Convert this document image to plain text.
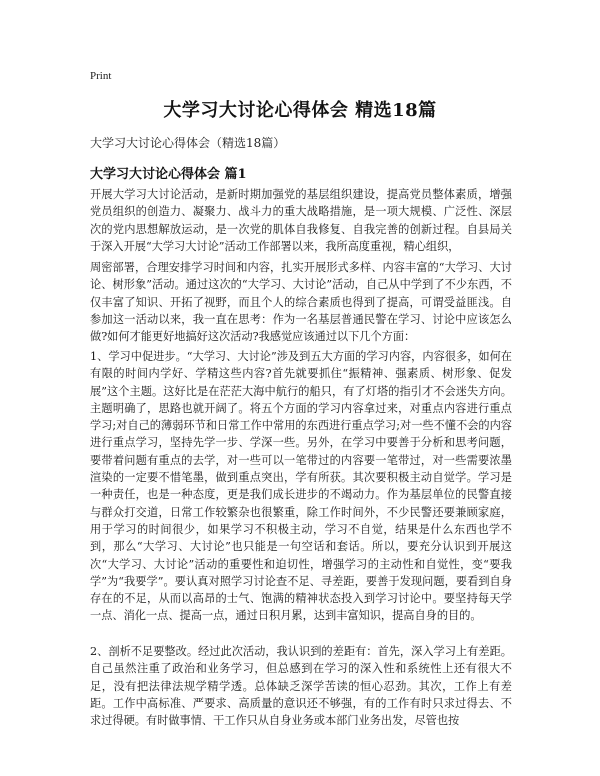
Print
大学习大讨论心得体会 精选18篇
大学习大讨论心得体会（精选18篇）
大学习大讨论心得体会 篇1

开展大学习大讨论活动，是新时期加强党的基层组织建设，提高党员整体素质，增强党员组织的创造力、凝聚力、战斗力的重大战略措施，是一项大规模、广泛性、深层次的党内思想解放运动，是一次党的肌体自我修复、自我完善的创新过程。自县局关于深入开展“大学习大讨论”活动工作部署以来，我所高度重视，精心组织，

周密部署，合理安排学习时间和内容，扎实开展形式多样、内容丰富的“大学习、大讨论、树形象”活动。通过这次的“大学习、大讨论”活动，自己从中学到了不少东西，不仅丰富了知识、开拓了视野，而且个人的综合素质也得到了提高，可谓受益匪浅。自参加这一活动以来，我一直在思考：作为一名基层普通民警在学习、讨论中应该怎么做?如何才能更好地搞好这次活动?我感觉应该通过以下几个方面：

1、学习中促进步。“大学习、大讨论”涉及到五大方面的学习内容，内容很多，如何在有限的时间内学好、学精这些内容?首先就要抓住“振精神、强素质、树形象、促发展”这个主题。这好比是在茫茫大海中航行的船只，有了灯塔的指引才不会迷失方向。主题明确了，思路也就开阔了。将五个方面的学习内容拿过来，对重点内容进行重点学习;对自己的薄弱环节和日常工作中常用的东西进行重点学习;对一些不懂不会的内容进行重点学习，坚持先学一步、学深一些。另外，在学习中要善于分析和思考问题，要带着问题有重点的去学，对一些可以一笔带过的内容要一笔带过，对一些需要浓墨渲染的一定要不惜笔墨，做到重点突出，学有所获。其次要积极主动自觉学。学习是一种责任，也是一种态度，更是我们成长进步的不竭动力。作为基层单位的民警直接与群众打交道，日常工作较繁杂也很繁重，除工作时间外，不少民警还要兼顾家庭，用于学习的时间很少，如果学习不积极主动，学习不自觉，结果是什么东西也学不到，那么“大学习、大讨论”也只能是一句空话和套话。所以，要充分认识到开展这次“大学习、大讨论”活动的重要性和迫切性，增强学习的主动性和自觉性，变“要我学”为“我要学”。要认真对照学习讨论查不足、寻差距，要善于发现问题，要看到自身存在的不足，从而以高昂的士气、饱满的精神状态投入到学习讨论中。要坚持每天学一点、消化一点、提高一点，通过日积月累，达到丰富知识，提高自身的目的。

2、剖析不足要整改。经过此次活动，我认识到的差距有：首先，深入学习上有差距。自己虽然注重了政治和业务学习，但总感到在学习的深入性和系统性上还有很大不足，没有把法律法规学精学透。总体缺乏深学苦读的恒心忍劲。其次，工作上有差距。工作中高标准、严要求、高质量的意识还不够强，有的工作有时只求过得去、不求过得硬。有时做事情、干工作只从自身业务或本部门业务出发，尽管也按
